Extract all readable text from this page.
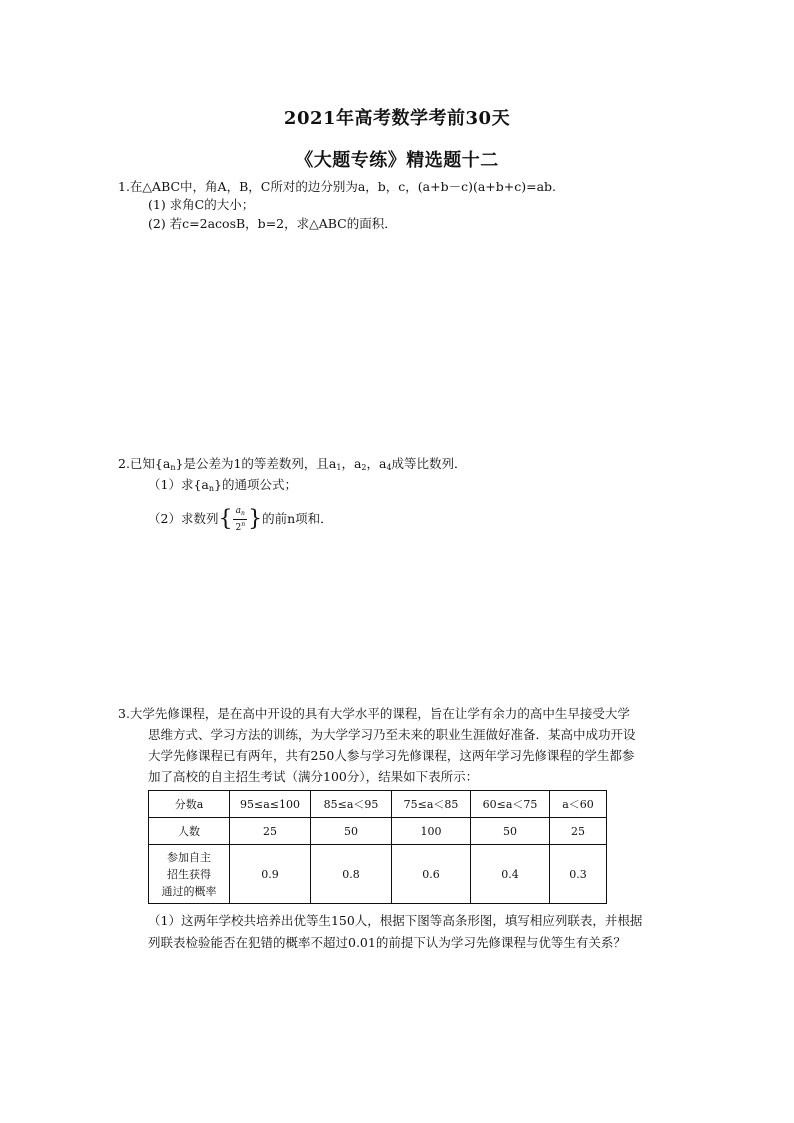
2021年高考数学考前30天
《大题专练》精选题十二
1.在△ABC中，角A，B，C所对的边分别为a，b，c，(a+b－c)(a+b+c)=ab.
(1) 求角C的大小；
(2) 若c=2acosB，b=2，求△ABC的面积．
2.已知$\{a_n\}$是公差为1的等差数列，且$a_1$，$a_2$，$a_4$成等比数列．
（1）求$\{a_n\}$的通项公式；
（2）求数列{ $\frac{a_n}{2^n}$ }的前n项和．
3.大学先修课程，是在高中开设的具有大学水平的课程，旨在让学有余力的高中生早接受大学
思维方式、学习方法的训练，为大学学习乃至未来的职业生涯做好准备．某高中成功开设
大学先修课程已有两年，共有250人参与学习先修课程，这两年学习先修课程的学生都参
加了高校的自主招生考试（满分100分），结果如下表所示：
分数a	95≤a≤100	85≤a＜95	75≤a＜85	60≤a＜75	a＜60
人数	25	50	100	50	25

参加自主
招生获得
通过的概率	0.9	0.8	0.6	0.4	0.3
（1）这两年学校共培养出优等生150人，根据下图等高条形图，填写相应列联表，并根据
列联表检验能否在犯错的概率不超过0.01的前提下认为学习先修课程与优等生有关系？
